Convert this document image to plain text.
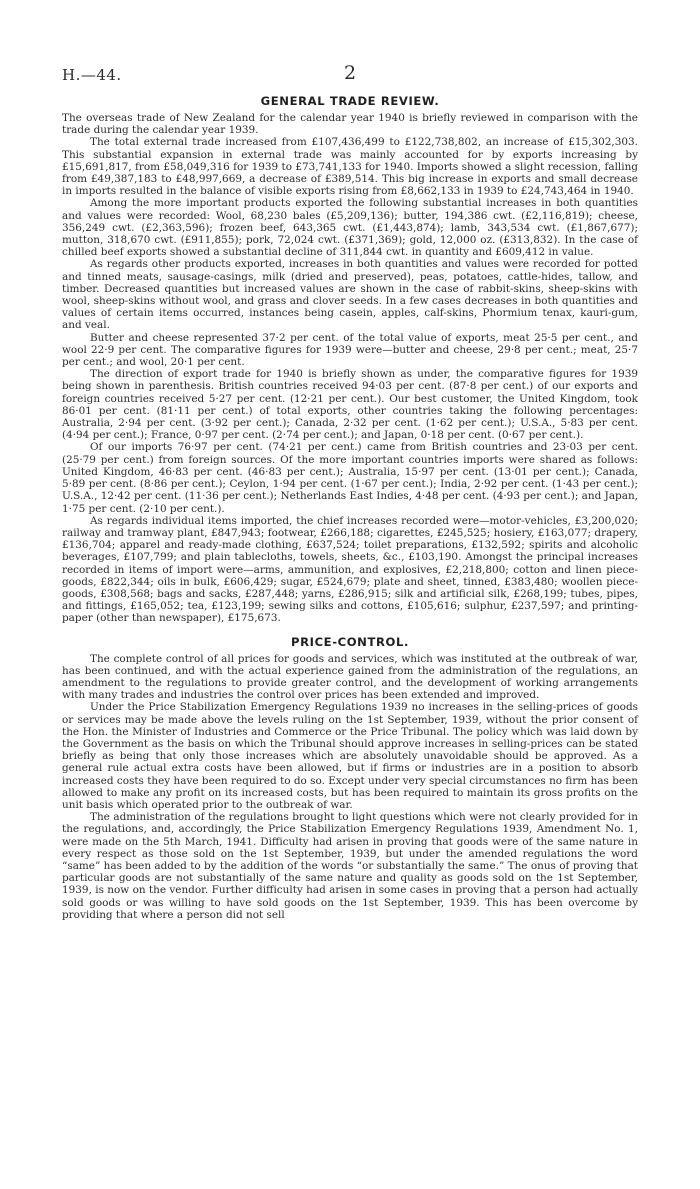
H.—44.	2
GENERAL TRADE REVIEW.

The overseas trade of New Zealand for the calendar year 1940 is briefly reviewed in comparison with the trade during the calendar year 1939.

The total external trade increased from £107,436,499 to £122,738,802, an increase of £15,302,303. This substantial expansion in external trade was mainly accounted for by exports increasing by £15,691,817, from £58,049,316 for 1939 to £73,741,133 for 1940. Imports showed a slight recession, falling from £49,387,183 to £48,997,669, a decrease of £389,514. This big increase in exports and small decrease in imports resulted in the balance of visible exports rising from £8,662,133 in 1939 to £24,743,464 in 1940.

Among the more important products exported the following substantial increases in both quantities and values were recorded: Wool, 68,230 bales (£5,209,136); butter, 194,386 cwt. (£2,116,819); cheese, 356,249 cwt. (£2,363,596); frozen beef, 643,365 cwt. (£1,443,874); lamb, 343,534 cwt. (£1,867,677); mutton, 318,670 cwt. (£911,855); pork, 72,024 cwt. (£371,369); gold, 12,000 oz. (£313,832). In the case of chilled beef exports showed a substantial decline of 311,844 cwt. in quantity and £609,412 in value.

As regards other products exported, increases in both quantities and values were recorded for potted and tinned meats, sausage-casings, milk (dried and preserved), peas, potatoes, cattle-hides, tallow, and timber. Decreased quantities but increased values are shown in the case of rabbit-skins, sheep-skins with wool, sheep-skins without wool, and grass and clover seeds. In a few cases decreases in both quantities and values of certain items occurred, instances being casein, apples, calf-skins, Phormium tenax, kauri-gum, and veal.

Butter and cheese represented 37·2 per cent. of the total value of exports, meat 25·5 per cent., and wool 22·9 per cent. The comparative figures for 1939 were—butter and cheese, 29·8 per cent.; meat, 25·7 per cent.; and wool, 20·1 per cent.

The direction of export trade for 1940 is briefly shown as under, the comparative figures for 1939 being shown in parenthesis. British countries received 94·03 per cent. (87·8 per cent.) of our exports and foreign countries received 5·27 per cent. (12·21 per cent.). Our best customer, the United Kingdom, took 86·01 per cent. (81·11 per cent.) of total exports, other countries taking the following percentages: Australia, 2·94 per cent. (3·92 per cent.); Canada, 2·32 per cent. (1·62 per cent.); U.S.A., 5·83 per cent. (4·94 per cent.); France, 0·97 per cent. (2·74 per cent.); and Japan, 0·18 per cent. (0·67 per cent.).

Of our imports 76·97 per cent. (74·21 per cent.) came from British countries and 23·03 per cent. (25·79 per cent.) from foreign sources. Of the more important countries imports were shared as follows: United Kingdom, 46·83 per cent. (46·83 per cent.); Australia, 15·97 per cent. (13·01 per cent.); Canada, 5·89 per cent. (8·86 per cent.); Ceylon, 1·94 per cent. (1·67 per cent.); India, 2·92 per cent. (1·43 per cent.); U.S.A., 12·42 per cent. (11·36 per cent.); Netherlands East Indies, 4·48 per cent. (4·93 per cent.); and Japan, 1·75 per cent. (2·10 per cent.).

As regards individual items imported, the chief increases recorded were—motor-vehicles, £3,200,020; railway and tramway plant, £847,943; footwear, £266,188; cigarettes, £245,525; hosiery, £163,077; drapery, £136,704; apparel and ready-made clothing, £637,524; toilet preparations, £132,592; spirits and alcoholic beverages, £107,799; and plain tablecloths, towels, sheets, &c., £103,190. Amongst the principal increases recorded in items of import were—arms, ammunition, and explosives, £2,218,800; cotton and linen piece-goods, £822,344; oils in bulk, £606,429; sugar, £524,679; plate and sheet, tinned, £383,480; woollen piece-goods, £308,568; bags and sacks, £287,448; yarns, £286,915; silk and artificial silk, £268,199; tubes, pipes, and fittings, £165,052; tea, £123,199; sewing silks and cottons, £105,616; sulphur, £237,597; and printing-paper (other than newspaper), £175,673.

PRICE-CONTROL.

The complete control of all prices for goods and services, which was instituted at the outbreak of war, has been continued, and with the actual experience gained from the administration of the regulations, an amendment to the regulations to provide greater control, and the development of working arrangements with many trades and industries the control over prices has been extended and improved.

Under the Price Stabilization Emergency Regulations 1939 no increases in the selling-prices of goods or services may be made above the levels ruling on the 1st September, 1939, without the prior consent of the Hon. the Minister of Industries and Commerce or the Price Tribunal. The policy which was laid down by the Government as the basis on which the Tribunal should approve increases in selling-prices can be stated briefly as being that only those increases which are absolutely unavoidable should be approved. As a general rule actual extra costs have been allowed, but if firms or industries are in a position to absorb increased costs they have been required to do so. Except under very special circumstances no firm has been allowed to make any profit on its increased costs, but has been required to maintain its gross profits on the unit basis which operated prior to the outbreak of war.

The administration of the regulations brought to light questions which were not clearly provided for in the regulations, and, accordingly, the Price Stabilization Emergency Regulations 1939, Amendment No. 1, were made on the 5th March, 1941. Difficulty had arisen in proving that goods were of the same nature in every respect as those sold on the 1st September, 1939, but under the amended regulations the word “same” has been added to by the addition of the words “or substantially the same.” The onus of proving that particular goods are not substantially of the same nature and quality as goods sold on the 1st September, 1939, is now on the vendor. Further difficulty had arisen in some cases in proving that a person had actually sold goods or was willing to have sold goods on the 1st September, 1939. This has been overcome by providing that where a person did not sell
